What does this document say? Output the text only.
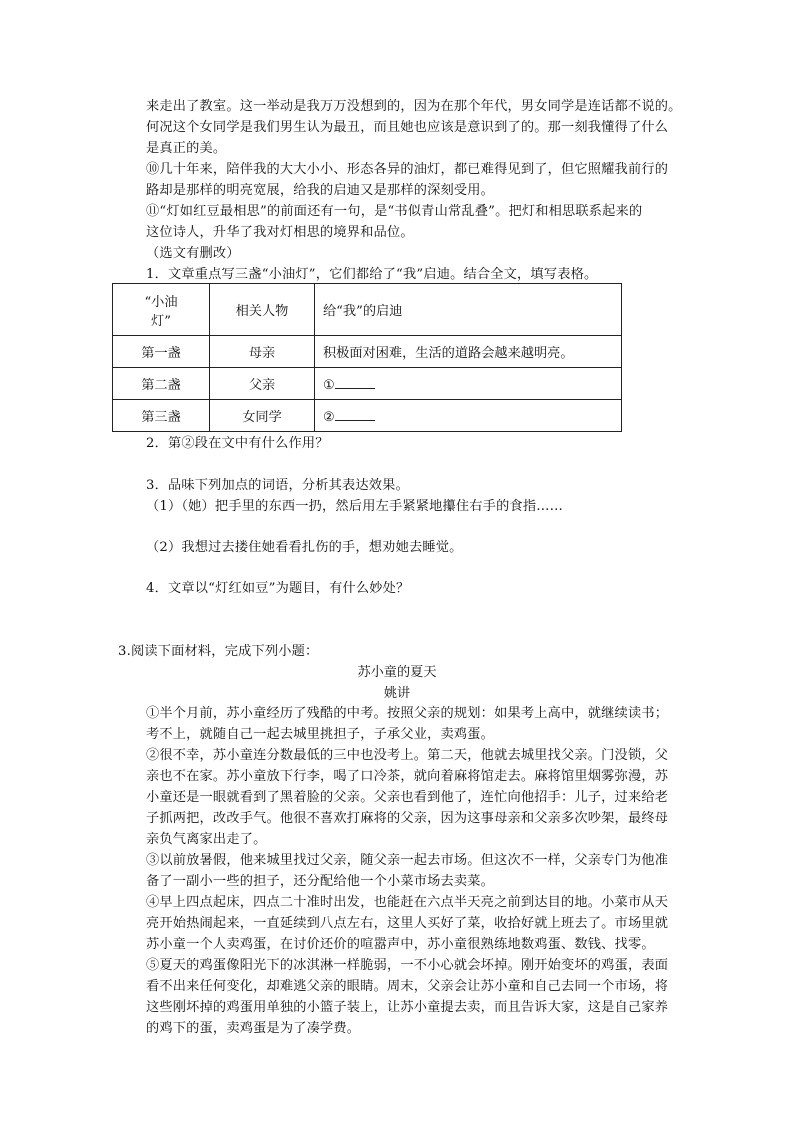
来走出了教室。这一举动是我万万没想到的，因为在那个年代，男女同学是连话都不说的。

何况这个女同学是我们男生认为最丑，而且她也应该是意识到了的。那一刻我懂得了什么

是真正的美。

⑩几十年来，陪伴我的大大小小、形态各异的油灯，都已难得见到了，但它照耀我前行的

路却是那样的明亮宽展，给我的启迪又是那样的深刻受用。

⑪“灯如红豆最相思”的前面还有一句，是“书似青山常乱叠”。把灯和相思联系起来的

这位诗人，升华了我对灯相思的境界和品位。

（选文有删改）

1．文章重点写三盏“小油灯”，它们都给了“我”启迪。结合全文，填写表格。

“小油
灯”	相关人物	给“我”的启迪
第一盏	母亲	积极面对困难，生活的道路会越来越明亮。
第二盏	父亲	①
第三盏	女同学	②
2．第②段在文中有什么作用？
3．品味下列加点的词语，分析其表达效果。
（1）（她）把手里的东西一扔，然后用左手紧紧地攥住右手的食指……
（2）我想过去搂住她看看扎伤的手，想劝她去睡觉。
4．文章以“灯红如豆”为题目，有什么妙处？
3.阅读下面材料，完成下列小题：
苏小童的夏天
姚讲

①半个月前，苏小童经历了残酷的中考。按照父亲的规划：如果考上高中，就继续读书；

考不上，就随自己一起去城里挑担子，子承父业，卖鸡蛋。

②很不幸，苏小童连分数最低的三中也没考上。第二天，他就去城里找父亲。门没锁，父

亲也不在家。苏小童放下行李，喝了口冷茶，就向着麻将馆走去。麻将馆里烟雾弥漫，苏

小童还是一眼就看到了黑着脸的父亲。父亲也看到他了，连忙向他招手：儿子，过来给老

子抓两把，改改手气。他很不喜欢打麻将的父亲，因为这事母亲和父亲多次吵架，最终母

亲负气离家出走了。

③以前放暑假，他来城里找过父亲，随父亲一起去市场。但这次不一样，父亲专门为他准

备了一副小一些的担子，还分配给他一个小菜市场去卖菜。

④早上四点起床，四点二十准时出发，也能赶在六点半天亮之前到达目的地。小菜市从天

亮开始热闹起来，一直延续到八点左右，这里人买好了菜，收拾好就上班去了。市场里就

苏小童一个人卖鸡蛋，在讨价还价的喧嚣声中，苏小童很熟练地数鸡蛋、数钱、找零。

⑤夏天的鸡蛋像阳光下的冰淇淋一样脆弱，一不小心就会坏掉。刚开始变坏的鸡蛋，表面

看不出来任何变化，却难逃父亲的眼睛。周末，父亲会让苏小童和自己去同一个市场，将

这些刚坏掉的鸡蛋用单独的小篮子装上，让苏小童提去卖，而且告诉大家，这是自己家养

的鸡下的蛋，卖鸡蛋是为了凑学费。
